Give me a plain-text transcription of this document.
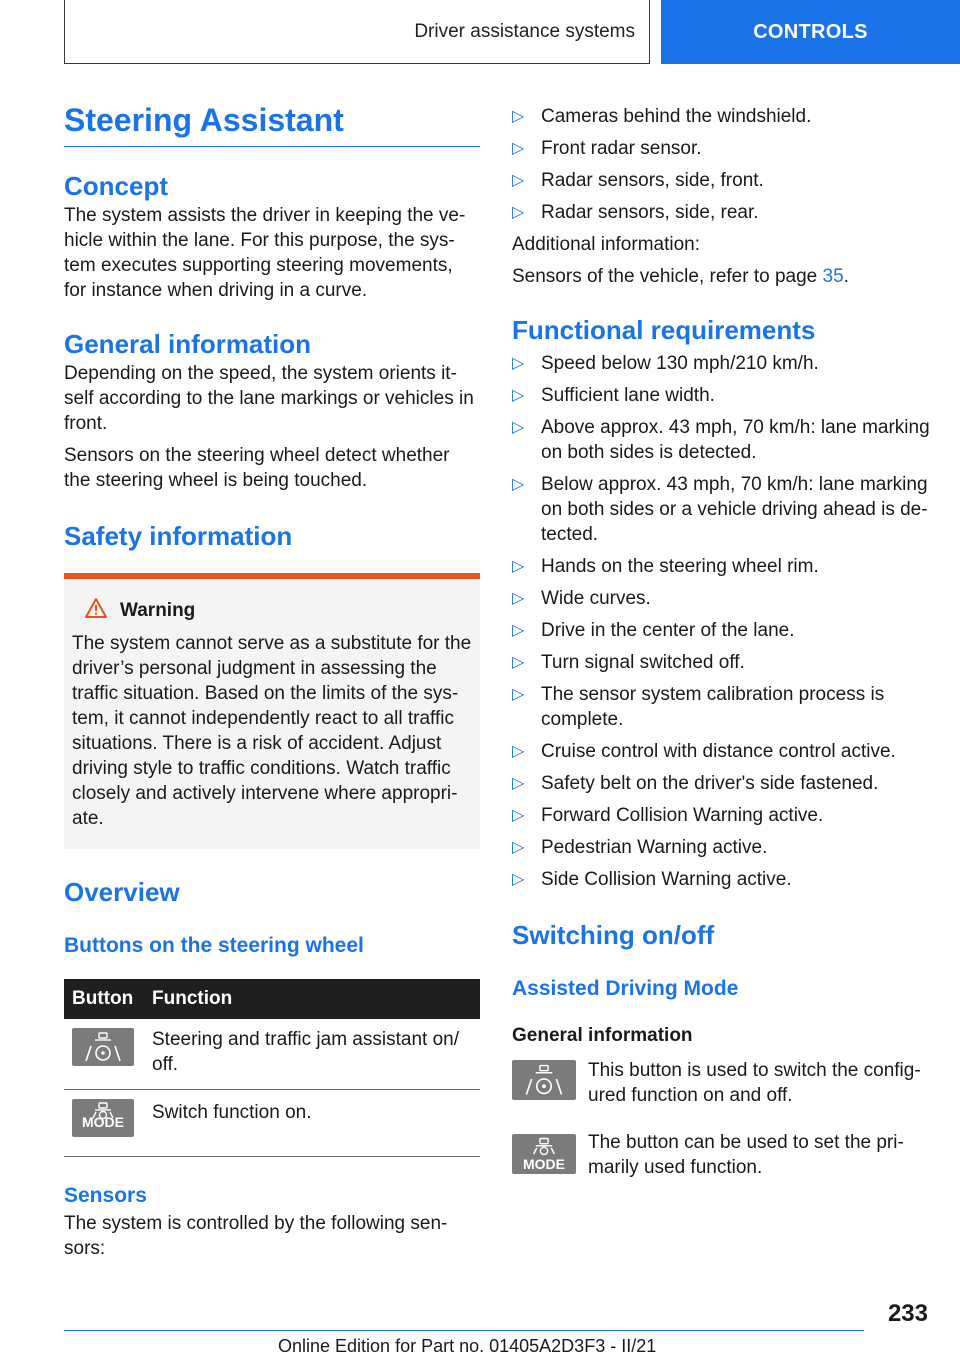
Driver assistance systems	CONTROLS
Steering Assistant
Concept

The system assists the driver in keeping the vehicle within the lane. For this purpose, the system executes supporting steering movements, for instance when driving in a curve.

General information

Depending on the speed, the system orients itself according to the lane markings or vehicles in front.

Sensors on the steering wheel detect whether the steering wheel is being touched.

Safety information
Warning

The system cannot serve as a substitute for the driver’s personal judgment in assessing the traffic situation. Based on the limits of the system, it cannot independently react to all traffic situations. There is a risk of accident. Adjust driving style to traffic conditions. Watch traffic closely and actively intervene where appropriate.

Overview
Buttons on the steering wheel
Button	Function

	Steering and traffic jam assistant on/ off.

MODE	Switch function on.
Sensors

The system is controlled by the following sensors:

▷ Cameras behind the windshield.
▷ Front radar sensor.
▷ Radar sensors, side, front.
▷ Radar sensors, side, rear.

Additional information:

Sensors of the vehicle, refer to page 35.

Functional requirements
▷ Speed below 130 mph/210 km/h.
▷ Sufficient lane width.
▷ Above approx. 43 mph, 70 km/h: lane marking on both sides is detected.
▷ Below approx. 43 mph, 70 km/h: lane marking on both sides or a vehicle driving ahead is detected.
▷ Hands on the steering wheel rim.
▷ Wide curves.
▷ Drive in the center of the lane.
▷ Turn signal switched off.
▷ The sensor system calibration process is complete.
▷ Cruise control with distance control active.
▷ Safety belt on the driver's side fastened.
▷ Forward Collision Warning active.
▷ Pedestrian Warning active.
▷ Side Collision Warning active.
Switching on/off
Assisted Driving Mode
General information

This button is used to switch the configured function on and off.

MODE

The button can be used to set the primarily used function.

233
Online Edition for Part no. 01405A2D3F3 - II/21
